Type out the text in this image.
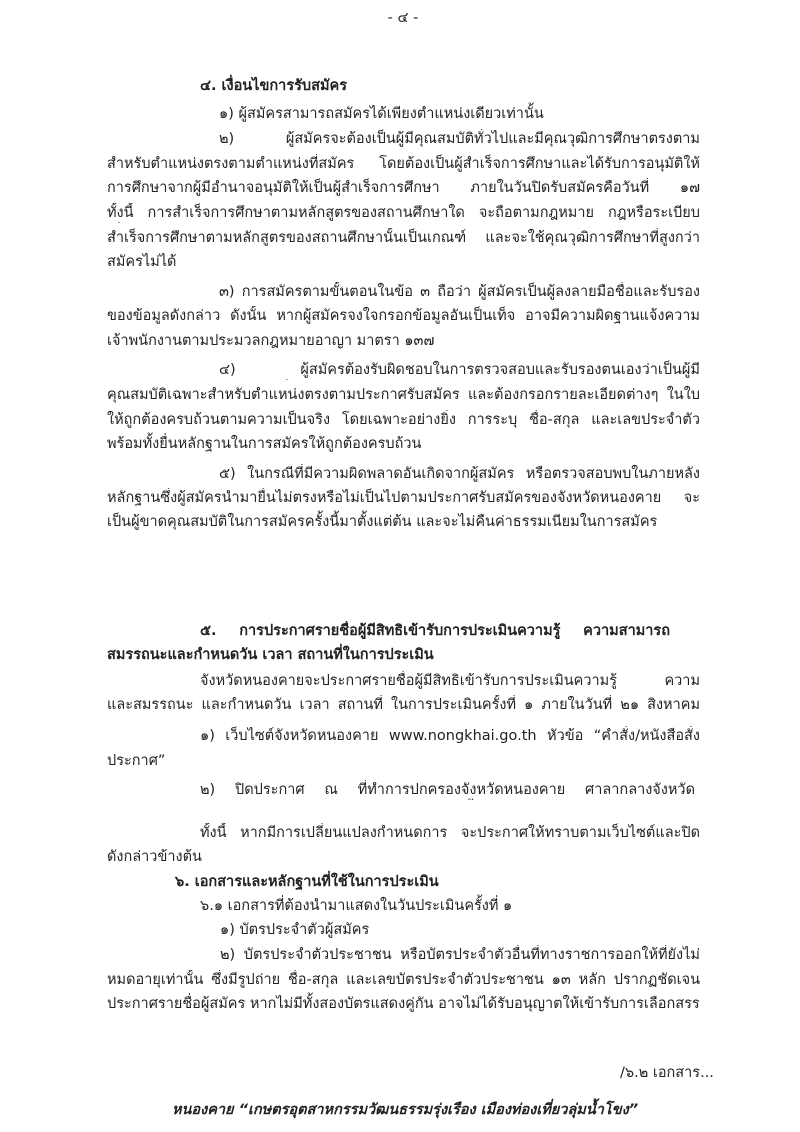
- ๔ -
๔. เงื่อนไขการรับสมัคร
๑) ผู้สมัครสามารถสมัครได้เพียงตำแหน่งเดียวเท่านั้น
๒) ผู้สมัครจะต้องเป็นผู้มีคุณสมบัติทั่วไปและมีคุณวุฒิการศึกษาตรงตาม
สำหรับตำแหน่งตรงตามตำแหน่งที่สมัคร โดยต้องเป็นผู้สำเร็จการศึกษาและได้รับการอนุมัติให้
การศึกษาจากผู้มีอำนาจอนุมัติให้เป็นผู้สำเร็จการศึกษา ภายในวันปิดรับสมัครคือวันที่ ๑๗
ทั้งนี้ การสำเร็จการศึกษาตามหลักสูตรของสถานศึกษาใด จะถือตามกฎหมาย กฎหรือระเบียบ
สำเร็จการศึกษาตามหลักสูตรของสถานศึกษานั้นเป็นเกณฑ์ และจะใช้คุณวุฒิการศึกษาที่สูงกว่า
สมัครไม่ได้
๓) การสมัครตามขั้นตอนในข้อ ๓ ถือว่า ผู้สมัครเป็นผู้ลงลายมือชื่อและรับรอง
ของข้อมูลดังกล่าว ดังนั้น หากผู้สมัครจงใจกรอกข้อมูลอันเป็นเท็จ อาจมีความผิดฐานแจ้งความ
เจ้าพนักงานตามประมวลกฎหมายอาญา มาตรา ๑๓๗
๔) ผู้สมัครต้องรับผิดชอบในการตรวจสอบและรับรองตนเองว่าเป็นผู้มี
คุณสมบัติเฉพาะสำหรับตำแหน่งตรงตามประกาศรับสมัคร และต้องกรอกรายละเอียดต่างๆ ในใบ
ให้ถูกต้องครบถ้วนตามความเป็นจริง โดยเฉพาะอย่างยิ่ง การระบุ ชื่อ-สกุล และเลขประจำตัว
พร้อมทั้งยื่นหลักฐานในการสมัครให้ถูกต้องครบถ้วน
๕) ในกรณีที่มีความผิดพลาดอันเกิดจากผู้สมัคร หรือตรวจสอบพบในภายหลัง
หลักฐานซึ่งผู้สมัครนำมายื่นไม่ตรงหรือไม่เป็นไปตามประกาศรับสมัครของจังหวัดหนองคาย จะ
เป็นผู้ขาดคุณสมบัติในการสมัครครั้งนี้มาตั้งแต่ต้น และจะไม่คืนค่าธรรมเนียมในการสมัคร
๕. การประกาศรายชื่อผู้มีสิทธิเข้ารับการประเมินความรู้ ความสามารถ
สมรรถนะและกำหนดวัน เวลา สถานที่ในการประเมิน
จังหวัดหนองคายจะประกาศรายชื่อผู้มีสิทธิเข้ารับการประเมินความรู้ ความ
และสมรรถนะ และกำหนดวัน เวลา สถานที่ ในการประเมินครั้งที่ ๑ ภายในวันที่ ๒๑ สิงหาคม
๑) เว็บไซต์จังหวัดหนองคาย www.nongkhai.go.th หัวข้อ “คำสั่ง/หนังสือสั่ง
ประกาศ”
๒) ปิดประกาศ ณ ที่ทำการปกครองจังหวัดหนองคาย ศาลากลางจังหวัด
ทั้งนี้ หากมีการเปลี่ยนแปลงกำหนดการ จะประกาศให้ทราบตามเว็บไซต์และปิด
ดังกล่าวข้างต้น
๖. เอกสารและหลักฐานที่ใช้ในการประเมิน
๖.๑ เอกสารที่ต้องนำมาแสดงในวันประเมินครั้งที่ ๑
๑) บัตรประจำตัวผู้สมัคร
๒) บัตรประจำตัวประชาชน หรือบัตรประจำตัวอื่นที่ทางราชการออกให้ที่ยังไม่
หมดอายุเท่านั้น ซึ่งมีรูปถ่าย ชื่อ-สกุล และเลขบัตรประจำตัวประชาชน ๑๓ หลัก ปรากฏชัดเจน
ประกาศรายชื่อผู้สมัคร หากไม่มีทั้งสองบัตรแสดงคู่กัน อาจไม่ได้รับอนุญาตให้เข้ารับการเลือกสรร
/๖.๒ เอกสาร...
หนองคาย “เกษตรอุตสาหกรรมวัฒนธรรมรุ่งเรือง เมืองท่องเที่ยวลุ่มน้ำโขง”
